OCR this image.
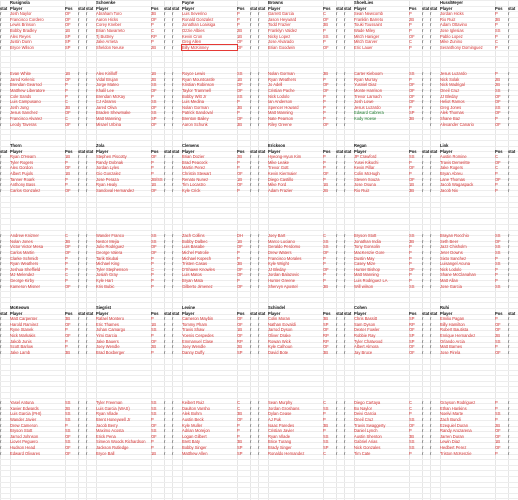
Rusignola
stat Player	Pos	stat
r	Josh Naylor	OF	r
r	Francisco Cordero	OF	r
r	Lewis Brinson	OF	r
r	Bobby Bradley	1B	r
r	Alex Reyes	SP	r
r	Justin Dunn	SP	r
r	Bryce Wilson	SP	r
Schoenke
stat Player	Pos	stat
r	Abraham Toro	3B	r
r	Aaron Hicks	OF	r
r	Corey Kneber	P	r
r	Brian Navarreto	C	r
r	Tj Buttrey	RP	r
r	Jake Arrieta	P	r
r	Sheldon Neuse	2B	r
Payne
stat Player	Pos	stat
r	Luis Severino	P	r
r	Ronald Gonzalez	P	r
r	Jonathan Loaisiga	P	r
r	Ozzie Albies	2B	r
r	Kevin Cron	1B	r
r	Greg Allen	OF	r
r	Billy McKinney	OF	r
Browns
stat Player	Pos	stat
r	Garrett Garcia	C	r
r	Jason Heyward	OF	r
r	Todd Frazier	3B	r
r	Franklyn Valdez	P	r
r	Nicky Lopez	SS	r
r	Jose Alvarado	P	r
r	Brian Goodwin	OF	r
Shoe/Lies
stat Player	Pos	stat
r	Sean Newcomb	P	r
r	Franklin Barreto	2B	r
r	Touki Toussaint	P	r
r	Wade Miley	P	r
r	Mitch Haniger	OF	r
r	Mitch Garver	C	r
r	Eric Lauer	P	r
Huss/Meyer
stat Player	Pos	stat
r	Jordan Hicks	P	r
r	Rio Ruiz	3B	r
r	Adam Ottavino	P	r
r	Jose Iglesias	SS	r
r	Pablo Lopez	P	r
r	Mike Zunino	C	r
r	Seranthony Dominguez	P	r
r	Evan White	1B	r
r	Jared Kelenic	OF	r
r	Brendan Gearrod	P	r
r	Matthew Liberatore	P	r
r	Cole Sands	P	r
r	Luis Campusano	C	r
r	Josh Jung	3B	r
r	Jesus Sanchez	OF	r
r	Francisco Alvarez	C	r
r	Leody Taveras	OF	r
r	Alex Kirilloff	1B	r
r	Vidal Brujan	2B	r
r	Jorge Mateo	SS	r
r	Khalil Lee	OF	r
r	Brendan McKay	P	r
r	CJ Abrams	SS	r
r	Jared Oliva	OF	r
r	Braden Shewmake	SS	r
r	Matt Manning	SP	r
r	Misael Urbina	OF	r
r	Royce Lewis	SS	r
r	Ryan Mountcastle	1B	r
r	Kristian Robinson	OF	r
r	Taylor Trammell	OF	r
r	Bobby Witt Jr	SS	r
r	Luis Medina	P	r
r	Nolan Gorman	3B	r
r	Patrick Sandoval	P	r
r	Brenton Bailey	OF	r
r	Aaron Schunk	3B	r
r	Nolan Gorman	3B	r
r	Ryan Weathers	P	r
r	Jo Adell	OF	r
r	Cristian Pache	OF	r
r	Nick Lodolo	P	r
r	Ian Anderson	P	r
r	Spencer Howard	P	r
r	Matt Manning	P	r
r	Nate Pearson	P	r
r	Riley Greene	OF	r
r	Carter Kieboom	SS	r
r	Ryan Murray	P	r
r	Yusniel Diaz	OF	r
r	Monte Harrison	OF	r
r	Trevor Larnach	OF	r
r	Josh Lowe	OF	r
r	Jesus Luzardo	P	r
r	Edward Cabrera	SP	r
r	Kody Hoese	3B	r
r
r	Jesus Luzardo	P	r
r	Nick Solak	2B	r
r	Nick Madrigal	2B	r
r	Oneil Cruz	SS	r
r	JJ Bleday	OF	r
r	Heliot Ramos	OF	r
r	Greg Jones	SS	r
r	Alek Thomas	OF	r
r	Shane Baz	P	r
r	Alexander Canario	OF	r
Thorn
stat Player	Pos	stat
r	Ryan O'Hearn	1B	r
r	Tyler Rogers	P	r
r	Alex Gordon	OF	r
r	Albert Pujols	1B	r
r	Tanner Roark	P	r
r	Anthony Bass	P	r
r	Carlos Gonzalez	OF	r
Zola
stat Player	Pos	stat
r	Stephen Piscotty	OF	r
r	Randy Dobnak	P	r
r	Jordan Lyles	P	r
r	Gio Gonzalez	P	r
r	Jose Peraza	2B/SS r
r	Ryan Healy	1B	r
r	Sandoval Hernandez	OF	r
Clemens
stat Player	Pos	stat
r	Brian Dozier	2B	r
r	Brad Peacock	P	r
r	Martin Perez	P	r
r	Christin Stewart	OF	r
r	Renato Nunez	1B	r
r	Tim Locastro	OF	r
r	Kyle Crick	P	r
Erickson
stat Player	Pos	stat
r	Hyeong-Hyun Kim	P	r
r	Mike Leake	P	r
r	Trevor Gott	P	r
r	Kevin Kiermaier	OF	r
r	Diego Castillo	P	r
r	Mike Ford	1B	r
r	Adam Frazier	2B	r
Regan
stat Player	Pos	stat
r	JP Crawford	SS	r
r	Yusei Kikuchi	P	r
r	Kevin Pillar	OF	r
r	Colin McHugh	P	r
r	Steven Souza	OF	r
r	Jose Osuna	1B	r
r	Rio Ruiz	3B	r
Link
stat Player	Pos	stat
r	Austin Romine	C	r
r	Travis Demeritte	OF	r
r	Jake Rogers	C	r
r	Bryan Abreu	P	r
r	Lane Thomas	OF	r
r	Jacob Wagaspack	P	r
r	Jacob Nix	P	r
r	Andrew Knizner	C	r
r	Nolan Jones	3B	r
r	Victor Victor Mesa	OF	r
r	Carlos Martin	OF	r
r	Clarke Schmidt	P	r
r	Ryan Weathers	P	r
r	Joshua Sheffield	P	r
r	MJ Melendez	C	r
r	George Kirby	P	r
r	Kameron Misner	OF	r
r	Wander Franco	SS	r
r	Nestor Mejia	SS	r
r	Julio Rodriguez	OF	r
r	George Valera	OF	r
r	Tarik Skubal	P	r
r	Michael King	P	r
r	Tyler Stephenson	C	r
r	Josiah Gray	P	r
r	Kyle Hart	P	r
r	Kris Bubic	P	r
r	Zach Collins	DH	r
r	Bobby Dalbec	1B	r
r	Luis Basabe	OF	r
r	Michel Patrolie	P	r
r	Michael Kopech	P	r
r	Tristen Casas	3B	r
r	D'Shawn Knowles	OF	r
r	Luis Matos	OF	r
r	Bryan Mata	P	r
r	Gilberto Jimenez	OF	r
r	Joey Bart	C	r
r	Marco Luciano	SS	r
r	Geraldo Perdomo	SS	r
r	Drew Waters	OF	r
r	Francisco Morales	P	r
r	Kyle Wright	P	r
r	JJ Bleday	OF	r
r	Jordan Balazovic	P	r
r	Hunter Greene	P	r
r	Shervyn Apostel	3B	r
r	Bryson Stott	SS	r
r	Jonathan India	3B	r
r	Tony Gonsolin	P	r
r	MacKenzie Gore	P	r
r	Dustin May	P	r
r	Casey Mize	P	r
r	Hunter Bishop	OF	r
r	Matt Manning	P	r
r	Luis Rodriguez LA	P	r
r	Will wilson	SS	r
r	Brayan Rocchio	SS	r
r	Seth Beer	OF	r
r	Jazz Chisholm	SS	r
r	Jeter Downs	SS	r
r	Sixto Sanchez	P	r
r	Luisangel Acuna	SS	r
r	Nick Lodolo	P	r
r	Shane McClanahan	P	r
r	Matt Allan	P	r
r	Jose Garcia	SS	r
McKeown
stat Player	Pos	stat
r	Matt Carpenter	3B	r
r	Harold Ramirez	OF	r
r	Ryne Stanek	P	r
r	Nick Markakis	OF	r
r	Jakob Junis	P	r
r	Scott Barlow	P	r
r	Jake Lamb	3B	r
Siegrist
stat Player	Pos	stat
r	Rafael Montero	P	r
r	Eric Thames	1B	r
r	Johan Camargo	SS	r
r	Yimi Garcia	P	r
r	Jake Bauers	OF	r
r	Joey Wendle	2B	r
r	Brad Boxberger	P	r
Levine
stat Player	Pos	stat
r	Cameron Maybin	OF	r
r	Tommy Pham	OF	r
r	Travis Shaw	1B	r
r	Yoenis Cespedes	OF	r
r	Emmanuel Clase	RP	r
r	Joey Wendle	2B	r
r	Danny Duffy	SP	r
Schindel
stat Player	Pos	stat
r	Colin Moran	3B	r
r	Nathan Eovaldi	SP	r
r	Jarrod Dyson	OF	r
r	Oliver Drake	RP	r
r	Rowan Wick	RP	r
r	Kyle Calhoun	OF	r
r	David Bote	3B	r
Cohen
stat Player	Pos	stat
r	Chris Bassitt	SP	r
r	Sam Dyson	RP	r
r	Dexter Fowler	OF	r
r	Robbie Ray	SP	r
r	Tyler Chatwood	SP	r
r	Albert Almora	OF	r
r	Jay Bruce	OF	r
Ruhi
stat Player	Pos	stat
r	Emilio Pagan	P	r
r	Billy Hamilton	OF	r
r	Robert Bautista	OF	r
r	Enrique Hernandez	2B	r
r	Orlando Arcia	SS	r
r	Matt Barnes	P	r
r	Jose Pirela	OF	r
r	Yasel Antuna	SS	r
r	Xavier Edwards	2B	r
r	Luis Garcia (PHI)	SS	r
r	Wander Javier	SS	r
r	Drew Cameron	P	r
r	Bryson Stott	SS	r
r	Jarrod Johnson	OF	r
r	Liover Peguero	SS	r
r	Hudson Head	OF	r
r	Edward Olivares	OF	r
r	Tyler Freeman	SS	r
r	Luis Garcia (WAS)	SS	r
r	Ryan Vilade	SS	r
r	Brent Honeywell Jr	P	r
r	Jacob Berry	OF	r
r	Maximo Acosta	SS	r
r	Erick Pena	OF	r
r	Simeon Woods Richardson	P	r
r	Jackson Rutledge	P	r
r	Bryce Ball	1B	r
r	Keibert Ruiz	C	r
r	Daulton Varsho	C	r
r	Alek Bohm	3B	r
r	Austin Beck	OF	r
r	Kyle Muller	P	r
r	Adrian Morejon	P	r
r	Logan Gilbert	P	r
r	Brett Baty	3B	r
r	Bobby Singer	SP	r
r	Matthew Allen	SP	r
r	Sean Murphy	C	r
r	Jordan Groshans	SS	r
r	Dylan Cease	P	r
r	AJ Puk	P	r
r	Isaac Paredes	3B	r
r	Cristian Javier	P	r
r	Ryan Vilade	SS	r
r	Brice Turang	SS	r
r	Brady Singer	SP	r
r	Ronaldo Hernandez	C	r
r	Diego Cartaya	C	r
r	Bo Naylor	C	r
r	Deivi Garcia	P	r
r	Oneil Cruz	SS	r
r	Travis Swaggerty	OF	r
r	Daniel Lynch	P	r
r	Austin Shenton	3B	r
r	Gabriel Arias	SS	r
r	Nick Gonzales	SS	r
r	Tim Cate	P	r
r	Grayson Rodriguez	P	r
r	Ethan Hankins	P	r
r	Noelvi Marte	SS	r
r	Zach Bundi	P	r
r	Ezequiel Duran	2B	r
r	Randy Arozarena	OF	r
r	Jarren Duran	OF	r
r	Lewin Diaz	1B	r
r	Hedbert Perez	OF	r
r	Triston McKenzie	P	r
